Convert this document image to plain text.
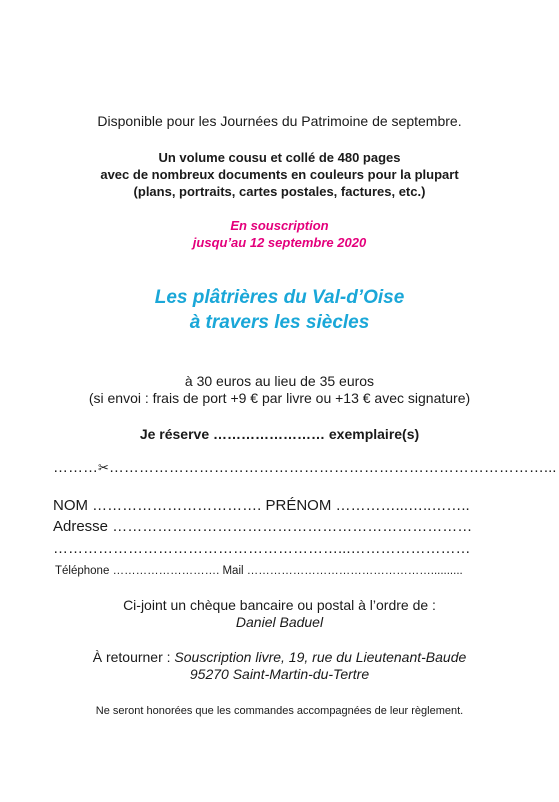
Disponible pour les Journées du Patrimoine de septembre.
Un volume cousu et collé de 480 pages
avec de nombreux documents en couleurs pour la plupart
(plans, portraits, cartes postales, factures, etc.)
En souscription
jusqu’au 12 septembre 2020
Les plâtrières du Val-d’Oise
à travers les siècles
à 30 euros au lieu de 35 euros
(si envoi : frais de port +9 € par livre ou +13 € avec signature)
Je réserve …………………… exemplaire(s)
………✂……………………………………………………………………………...
NOM ……………………………. PRÉNOM …………...…..……..
Adresse ………………………………………………………………
…………………………………………………...……………………
Téléphone ………………………. Mail …………………………………………..........
Ci-joint un chèque bancaire ou postal à l’ordre de :
Daniel Baduel
À retourner : Souscription livre, 19, rue du Lieutenant-Baude
95270 Saint-Martin-du-Tertre
Ne seront honorées que les commandes accompagnées de leur règlement.
